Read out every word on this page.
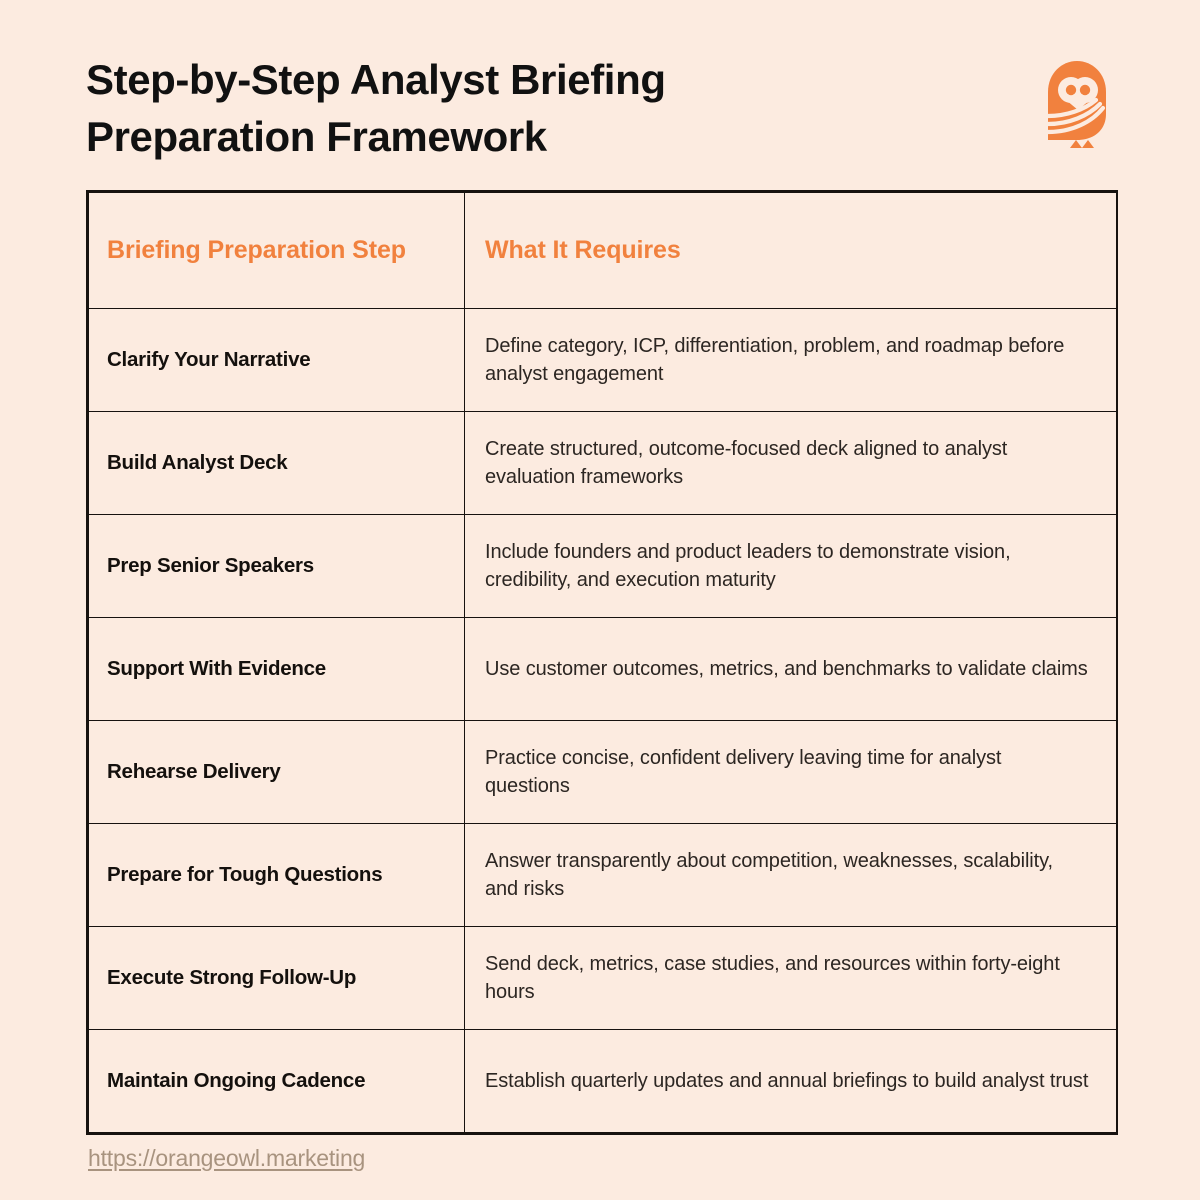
Step-by-Step Analyst Briefing
Preparation Framework
Briefing Preparation Step	What It Requires
Clarify Your Narrative	Define category, ICP, differentiation, problem, and roadmap before analyst engagement
Build Analyst Deck	Create structured, outcome-focused deck aligned to analyst evaluation frameworks
Prep Senior Speakers	Include founders and product leaders to demonstrate vision, credibility, and execution maturity
Support With Evidence	Use customer outcomes, metrics, and benchmarks to validate claims
Rehearse Delivery	Practice concise, confident delivery leaving time for analyst questions
Prepare for Tough Questions	Answer transparently about competition, weaknesses, scalability, and risks
Execute Strong Follow-Up	Send deck, metrics, case studies, and resources within forty-eight hours
Maintain Ongoing Cadence	Establish quarterly updates and annual briefings to build analyst trust
https://orangeowl.marketing
